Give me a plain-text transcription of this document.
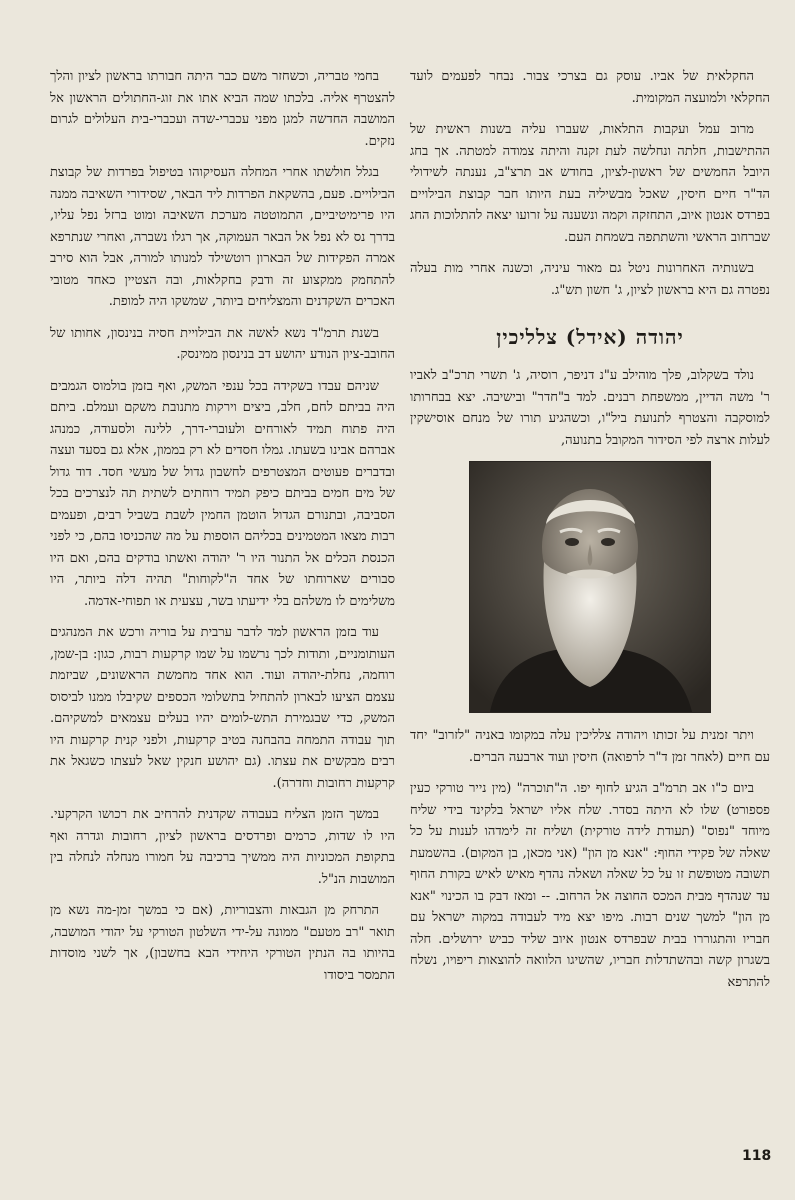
החקלאית של אביו. עוסק גם בצרכי צבור. נבחר לפעמים לועד החקלאי ולמועצה המקומית.

מרוב עמל ועקבות התלאות, שעברו עליה בשנות ראשית של ההתישבות, חלתה ונחלשה לעת זקנה והיתה צמודה למטתה. אך בחג היובל החמשים של ראשון-לציון, בחודש אב תרצ"ב, נענתה לשידולי הד"ר חיים חיסין, שאכל מבשיליה בעת היותו חבר קבוצת הבילויים בפרדס אנטון איוב, התחזקה וקמה ונשענה על זרועו יצאה להתלוכות החג שברחוב הראשי והשתתפה בשמחת העם.

בשנותיה האחרונות ניטל גם מאור עיניה, וכשנה אחרי מות בעלה נפטרה גם היא בראשון לציון, ג' חשון תש"ג.

יהודה (אידל) צלליכין

נולד בשקלוב, פלך מוהילב ע"נ דניפר, רוסיה, ג' תשרי תרכ"ב לאביו ר' משה הדיין, ממשפחת רבנים. למד ב"חדר" ובישיבה. יצא בבחרותו למוסקבה והצטרף לתנועת ביל"ו, וכשהגיע תורו של מנחם אוסישקין לעלות ארצה לפי הסידור המקובל בתנועה,

ויתר זמנית על זכותו ויהודה צלליכין עלה במקומו באניה "לזרוב" יחד עם חיים (לאחר זמן ד"ר לרפואה) חיסין ועוד ארבעה הברים.

ביום כ"ו אב תרמ"ב הגיע לחוף יפו. ה"תוכרה" (מין נייר טורקי כעין פספורט) שלו לא היתה בסדר. שלח אליו ישראל בלקינד בידי שליח מיוחד "נפוס" (תעודת לידה טורקית) ושליח זה לימדהו לענות על כל שאלה של פקידי החוף: "אנא מן הון" (אני מכאן, בן המקום). בהשמעת תשובה מטופשת זו על כל שאלה ושאלה נהדף מאיש לאיש בקורת החוף עד שנהדף מבית המכס החוצה אל הרחוב. -- ומאז דבק בו הכינוי "אנא מן הון" למשך שנים רבות. מיפו יצא מיד לעבודה במקוה ישראל עם חבריו והתגוררו בבית שבפרדס אנטון איוב שליד כביש ירושלים. חלה בשגרון קשה ובהשתדלות חבריו, שהשיגו הלוואה להוצאות ריפויו, נשלח להתרפא

בחמי טבריה, וכשחזר משם כבר היתה חבורתו בראשון לציון והלך להצטרף אליה. בלכתו שמה הביא אתו את זוג-החתולים הראשון אל המושבה החדשה למגן מפני עכברי-שדה ועכברי-בית העלולים לגרום נזקים.

בגלל חולשתו אחרי המחלה העסיקוהו בטיפול בפרדות של קבוצת הבילויים. פעם, בהשקאת הפרדות ליד הבאר, שסידורי השאיבה ממנה היו פרימיטיביים, התמוטטה מערכת השאיבה ומוט ברזל נפל עליו, בדרך נס לא נפל אל הבאר העמוקה, אך רגלו נשברה, ואחרי שנתרפא אמרה הפקידות של הבארון רוטשילד למנותו למורה, אבל הוא סירב להתחמק ממקצוע זה ודבק בחקלאות, ובה הצטיין כאחד מטובי האכרים השקדנים והמצליחים ביותר, שמשקו היה למופת.

בשנת תרמ"ד נשא לאשה את הבילויית חסיה בנינסון, אחותו של החובב-ציון הנודע יהושע דב בנינסון ממינסק.

שניהם עבדו בשקידה בכל ענפי המשק, ואף בזמן בולמוס הגמבים היה בביתם לחם, חלב, ביצים וירקות מתנובת משקם ועמלם. ביתם היה פתוח תמיד לאורחים ולעוברי-דרך, ללינה ולסעודה, כמנהג אברהם אבינו בשעתו. גמלו חסדים לא רק בממון, אלא גם בסעד ועצה ובדברים פעוטים המצטרפים לחשבון גדול של מעשי חסד. דוד גדול של מים חמים בביתם כיפק תמיד רוחתים לשתית תה לנצרכים בכל הסביבה, ובתנורם הגדול הוטמן החמין לשבת בשביל רבים, ופעמים רבות מצאו המטמינים בכליהם הוספות על מה שהכניסו בהם, כי לפני הכנסת הכלים אל התנור היו ר' יהודה ואשתו בודקים בהם, ואם היו סבורים שארוחתו של אחד ה"לקוחות" תהיה דלה ביותר, היו משלימים לו משלהם בלי ידיעתו בשר, עצעית או תפוחי-אדמה.

עוד בזמן הראשון למד לדבר ערבית על בוריה ורכש את המנהגים העותומניים, ותודות לכך נרשמו על שמו קרקעות רבות, כגון: בן-שמן, רוחמה, נחלת-יהודה ועוד. הוא אחד מחמשת הראשונים, שביזמת עצמם הציעו לבארון להתחיל בתשלומי הכספים שקיבלו ממנו לביסוס המשק, כדי שבגמירת התש-לומים יהיו בעלים עצמאים למשקיהם. תוך עבודה התמחה בהבחנה בטיב קרקעות, ולפני קנית קרקעות היו רבים מבקשים את עצתו. (גם יהושע חנקין שאל לעצתו כשגאל את קרקעות רחובות וחדרה).

במשך הזמן הצליח בעבודה שקדנית להרחיב את רכושו הקרקעי. היו לו שדות, כרמים ופרדסים בראשון לציון, רחובות וגדרה ואף בתקופת המכוניות היה ממשיך ברכיבה על חמורו מנחלה לנחלה בין המושבות הנ"ל.

התרחק מן הגבאות והצבוריות, (אם כי במשך זמן-מה נשא מן תואר "רב מטעם" ממונה על-ידי השלטון הטורקי על יהודי המושבה, בהיותו בה הנתין הטורקי היחידי הבא בחשבון), אך לשני מוסדות התמסר ביסודו

118
